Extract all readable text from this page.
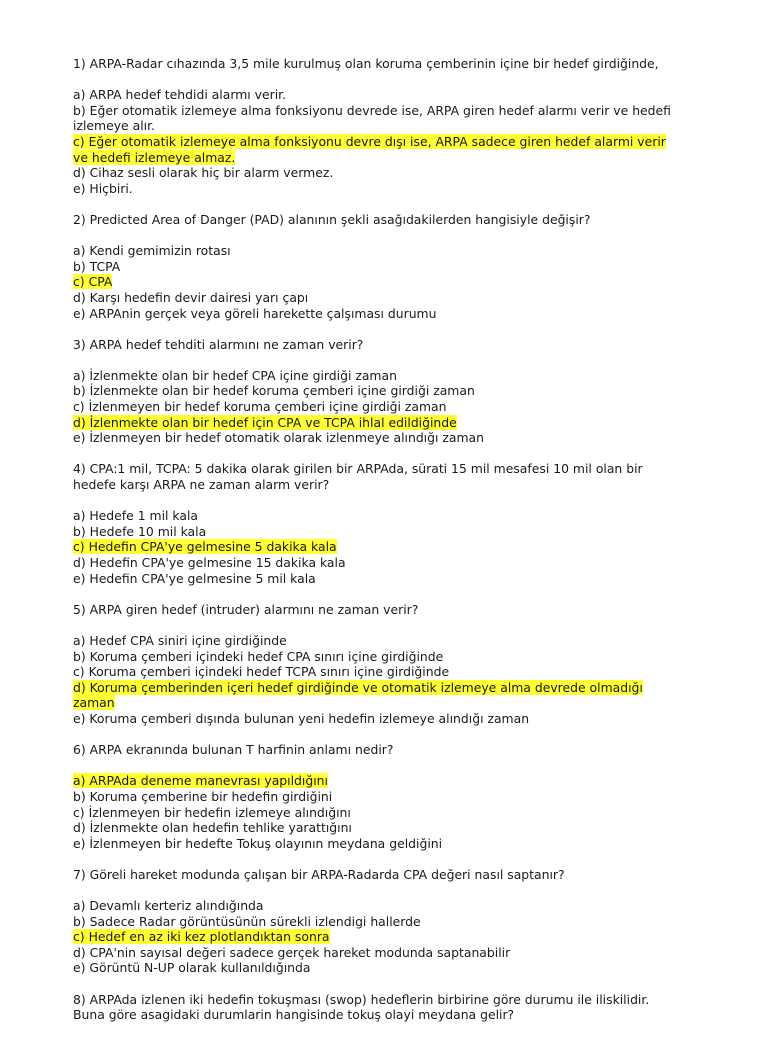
1) ARPA-Radar cıhazında 3,5 mile kurulmuş olan koruma çemberinin içine bir hedef girdiğinde,
a) ARPA hedef tehdidi alarmı verir.
b) Eğer otomatik izlemeye alma fonksiyonu devrede ise, ARPA giren hedef alarmı verir ve hedefi
izlemeye alır.
c) Eğer otomatik izlemeye alma fonksiyonu devre dışı ise, ARPA sadece giren hedef alarmi verir
ve hedefi izlemeye almaz.
d) Cihaz sesli olarak hiç bir alarm vermez.
e) Hiçbiri.
2) Predicted Area of Danger (PAD) alanının şekli asağıdakilerden hangisiyle değişir?
a) Kendi gemimizin rotası
b) TCPA
c) CPA
d) Karşı hedefin devir dairesi yarı çapı
e) ARPAnin gerçek veya göreli harekette çalşıması durumu
3) ARPA hedef tehditi alarmını ne zaman verir?
a) İzlenmekte olan bir hedef CPA içine girdiği zaman
b) İzlenmekte olan bir hedef koruma çemberi içine girdiği zaman
c) İzlenmeyen bir hedef koruma çemberi içine girdiği zaman
d) İzlenmekte olan bir hedef için CPA ve TCPA ihlal edildiğinde
e) İzlenmeyen bir hedef otomatik olarak izlenmeye alındığı zaman
4) CPA:1 mil, TCPA: 5 dakika olarak girilen bir ARPAda, sürati 15 mil mesafesi 10 mil olan bir
hedefe karşı ARPA ne zaman alarm verir?
a) Hedefe 1 mil kala
b) Hedefe 10 mil kala
c) Hedefin CPA'ye gelmesine 5 dakika kala
d) Hedefin CPA'ye gelmesine 15 dakika kala
e) Hedefin CPA'ye gelmesine 5 mil kala
5) ARPA giren hedef (intruder) alarmını ne zaman verir?
a) Hedef CPA siniri içine girdiğinde
b) Koruma çemberi içindeki hedef CPA sınırı içine girdiğinde
c) Koruma çemberi içindeki hedef TCPA sınırı içine girdiğinde
d) Koruma çemberinden içeri hedef girdiğinde ve otomatik izlemeye alma devrede olmadığı
zaman
e) Koruma çemberi dışında bulunan yeni hedefin izlemeye alındığı zaman
6) ARPA ekranında bulunan T harfinin anlamı nedir?
a) ARPAda deneme manevrası yapıldığını
b) Koruma çemberine bir hedefin girdiğini
c) İzlenmeyen bir hedefin izlemeye alındığını
d) İzlenmekte olan hedefin tehlike yarattığını
e) İzlenmeyen bir hedefte Tokuş olayının meydana geldiğini
7) Göreli hareket modunda çalışan bir ARPA-Radarda CPA değeri nasıl saptanır?
a) Devamlı kerteriz alındığında
b) Sadece Radar görüntüsünün sürekli izlendigi hallerde
c) Hedef en az iki kez plotlandıktan sonra
d) CPA'nin sayısal değeri sadece gerçek hareket modunda saptanabilir
e) Görüntü N-UP olarak kullanıldığında
8) ARPAda izlenen iki hedefin tokuşması (swop) hedeflerin birbirine göre durumu ile iliskilidir.
Buna göre asagidaki durumlarin hangisinde tokuş olayi meydana gelir?
